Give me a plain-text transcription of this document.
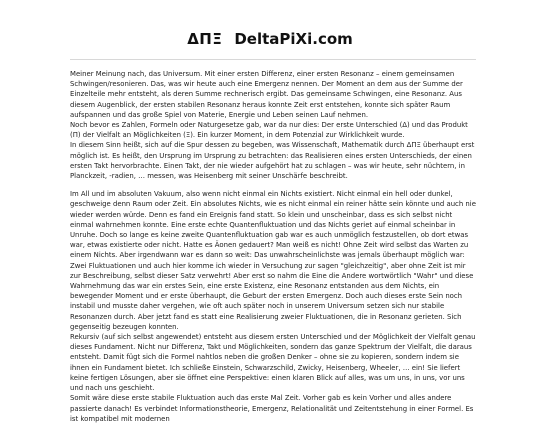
ΔΠΞ DeltaPiXi.com

Meiner Meinung nach, das Universum. Mit einer ersten Differenz, einer ersten Resonanz – einem gemeinsamen Schwingen/resonieren. Das, was wir heute auch eine Emergenz nennen. Der Moment an dem aus der Summe der Einzelteile mehr entsteht, als deren Summe rechnerisch ergibt. Das gemeinsame Schwingen, eine Resonanz. Aus diesem Augenblick, der ersten stabilen Resonanz heraus konnte Zeit erst entstehen, konnte sich später Raum aufspannen und das große Spiel von Materie, Energie und Leben seinen Lauf nehmen.
Noch bevor es Zahlen, Formeln oder Naturgesetze gab, war da nur dies: Der erste Unterschied (Δ) und das Produkt (Π) der Vielfalt an Möglichkeiten (Ξ). Ein kurzer Moment, in dem Potenzial zur Wirklichkeit wurde.
In diesem Sinn heißt, sich auf die Spur dessen zu begeben, was Wissenschaft, Mathematik durch ΔΠΞ überhaupt erst möglich ist. Es heißt, den Ursprung im Ursprung zu betrachten: das Realisieren eines ersten Unterschieds, der einen ersten Takt hervorbrachte. Einen Takt, der nie wieder aufgehört hat zu schlagen – was wir heute, sehr nüchtern, in Planckzeit, -radien, … messen, was Heisenberg mit seiner Unschärfe beschreibt.

Im All und im absoluten Vakuum, also wenn nicht einmal ein Nichts existiert. Nicht einmal ein hell oder dunkel, geschweige denn Raum oder Zeit. Ein absolutes Nichts, wie es nicht einmal ein reiner hätte sein könnte und auch nie wieder werden würde. Denn es fand ein Ereignis fand statt. So klein und unscheinbar, dass es sich selbst nicht einmal wahrnehmen konnte. Eine erste echte Quantenfluktuation und das Nichts geriet auf einmal scheinbar in Unruhe. Doch so lange es keine zweite Quantenfluktuation gab war es auch unmöglich festzustellen, ob dort etwas war, etwas existierte oder nicht. Hatte es Äonen gedauert? Man weiß es nicht! Ohne Zeit wird selbst das Warten zu einem Nichts. Aber irgendwann war es dann so weit: Das unwahrscheinlichste was jemals überhaupt möglich war: Zwei Fluktuationen und auch hier komme ich wieder in Versuchung zur sagen "gleichzeitig", aber ohne Zeit ist mir zur Beschreibung, selbst dieser Satz verwehrt! Aber erst so nahm die Eine die Andere wortwörtlich "Wahr" und diese Wahrnehmung das war ein erstes Sein, eine erste Existenz, eine Resonanz entstanden aus dem Nichts, ein bewegender Moment und er erste überhaupt, die Geburt der ersten Emergenz. Doch auch dieses erste Sein noch instabil und musste daher vergehen, wie oft auch später noch in unserem Universum setzen sich nur stabile Resonanzen durch. Aber jetzt fand es statt eine Realisierung zweier Fluktuationen, die in Resonanz gerieten. Sich gegenseitig bezeugen konnten.
Rekursiv (auf sich selbst angewendet) entsteht aus diesem ersten Unterschied und der Möglichkeit der Vielfalt genau dieses Fundament. Nicht nur Differenz, Takt und Möglichkeiten, sondern das ganze Spektrum der Vielfalt, die daraus entsteht. Damit fügt sich die Formel nahtlos neben die großen Denker – ohne sie zu kopieren, sondern indem sie ihnen ein Fundament bietet. Ich schließe Einstein, Schwarzschild, Zwicky, Heisenberg, Wheeler, … ein! Sie liefert keine fertigen Lösungen, aber sie öffnet eine Perspektive: einen klaren Blick auf alles, was um uns, in uns, vor uns und nach uns geschieht.
Somit wäre diese erste stabile Fluktuation auch das erste Mal Zeit. Vorher gab es kein Vorher und alles andere passierte danach! Es verbindet Informationstheorie, Emergenz, Relationalität und Zeitentstehung in einer Formel. Es ist kompatibel mit modernen
